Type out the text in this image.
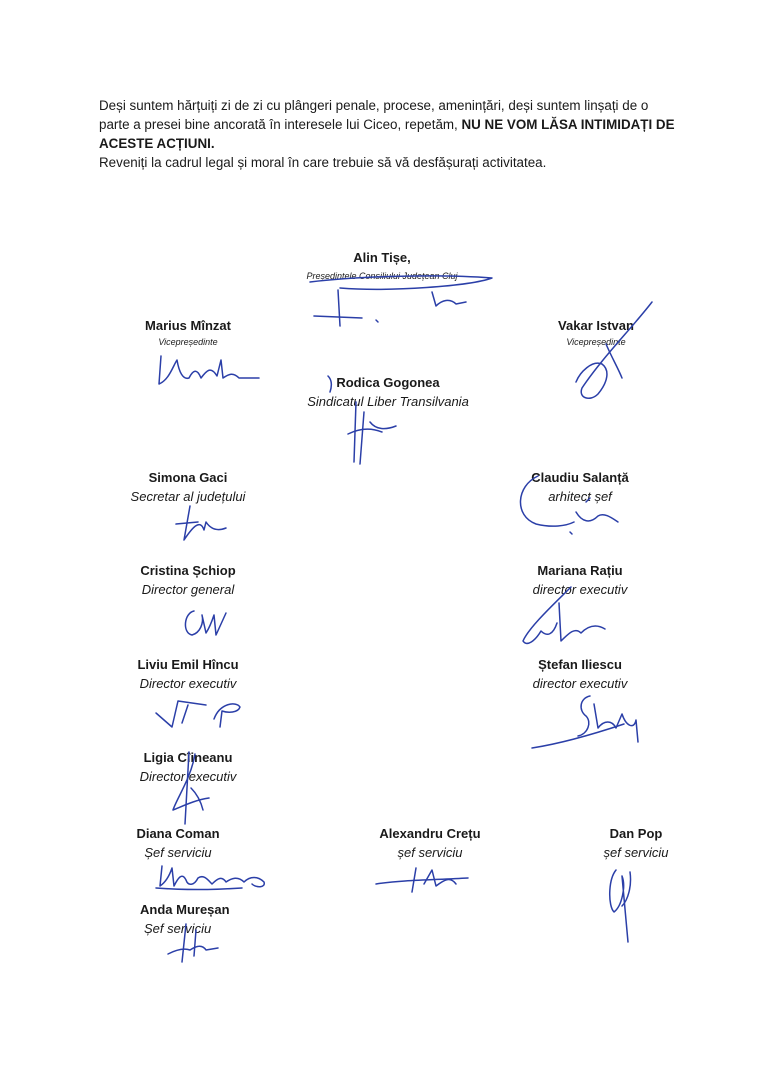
Deși suntem hărțuiți zi de zi cu plângeri penale, procese, amenințări, deși suntem linșați de o parte a presei bine ancorată în interesele lui Ciceo, repetăm, NU NE VOM LĂSA INTIMIDAȚI DE ACESTE ACȚIUNI.
Reveniți la cadrul legal și moral în care trebuie să vă desfășurați activitatea.
Alin Tișe,
Președintele Consiliului Județean Cluj
Marius Mînzat
Vicepreședinte
Vakar Istvan
Vicepreședinte
Rodica Gogonea
Sindicatul Liber Transilvania
Simona Gaci
Secretar al județului
Claudiu Salanță
arhitect șef
Cristina Șchiop
Director general
Mariana Rațiu
director executiv
Liviu Emil Hîncu
Director executiv
Ștefan Iliescu
director executiv
Ligia Cîineanu
Director executiv
Diana Coman
Șef serviciu
Alexandru Crețu
șef serviciu
Dan Pop
șef serviciu
Anda Mureșan
Șef serviciu
